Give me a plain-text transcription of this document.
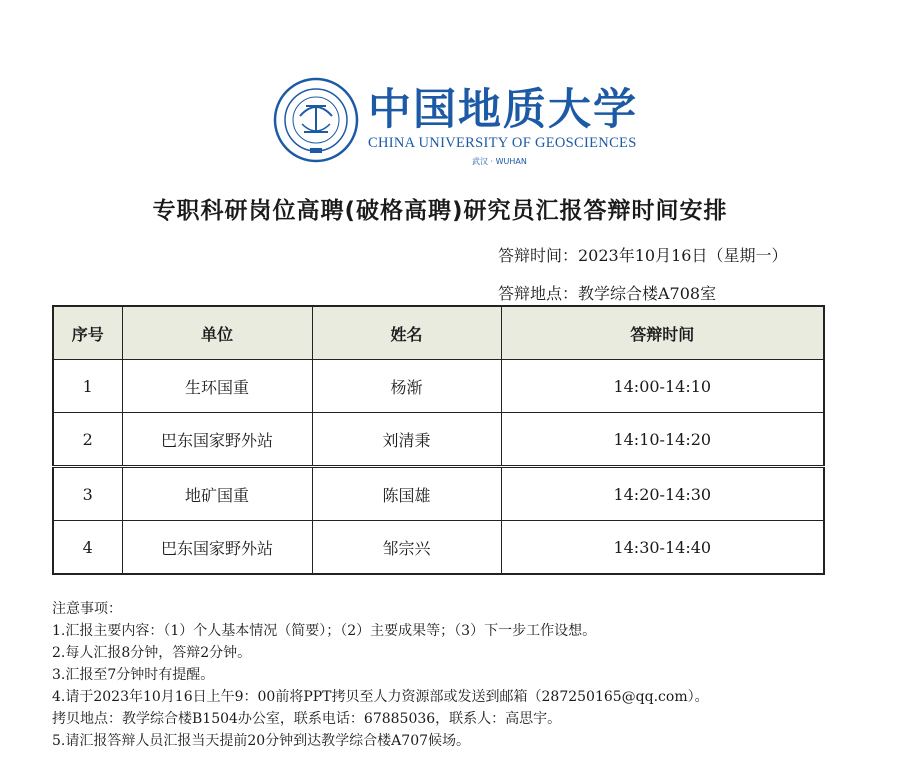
中国地质大学
CHINA UNIVERSITY OF GEOSCIENCES
武汉 · WUHAN
专职科研岗位高聘(破格高聘)研究员汇报答辩时间安排
答辩时间：2023年10月16日（星期一）
答辩地点：教学综合楼A708室
序号	单位	姓名	答辩时间
1	生环国重	杨渐	14:00-14:10
2	巴东国家野外站	刘清秉	14:10-14:20
3	地矿国重	陈国雄	14:20-14:30
4	巴东国家野外站	邹宗兴	14:30-14:40
注意事项：
1.汇报主要内容：（1）个人基本情况（简要）；（2）主要成果等；（3）下一步工作设想。
2.每人汇报8分钟，答辩2分钟。
3.汇报至7分钟时有提醒。
4.请于2023年10月16日上午9：00前将PPT拷贝至人力资源部或发送到邮箱（287250165@qq.com）。
拷贝地点：教学综合楼B1504办公室，联系电话：67885036，联系人：高思宇。
5.请汇报答辩人员汇报当天提前20分钟到达教学综合楼A707候场。
